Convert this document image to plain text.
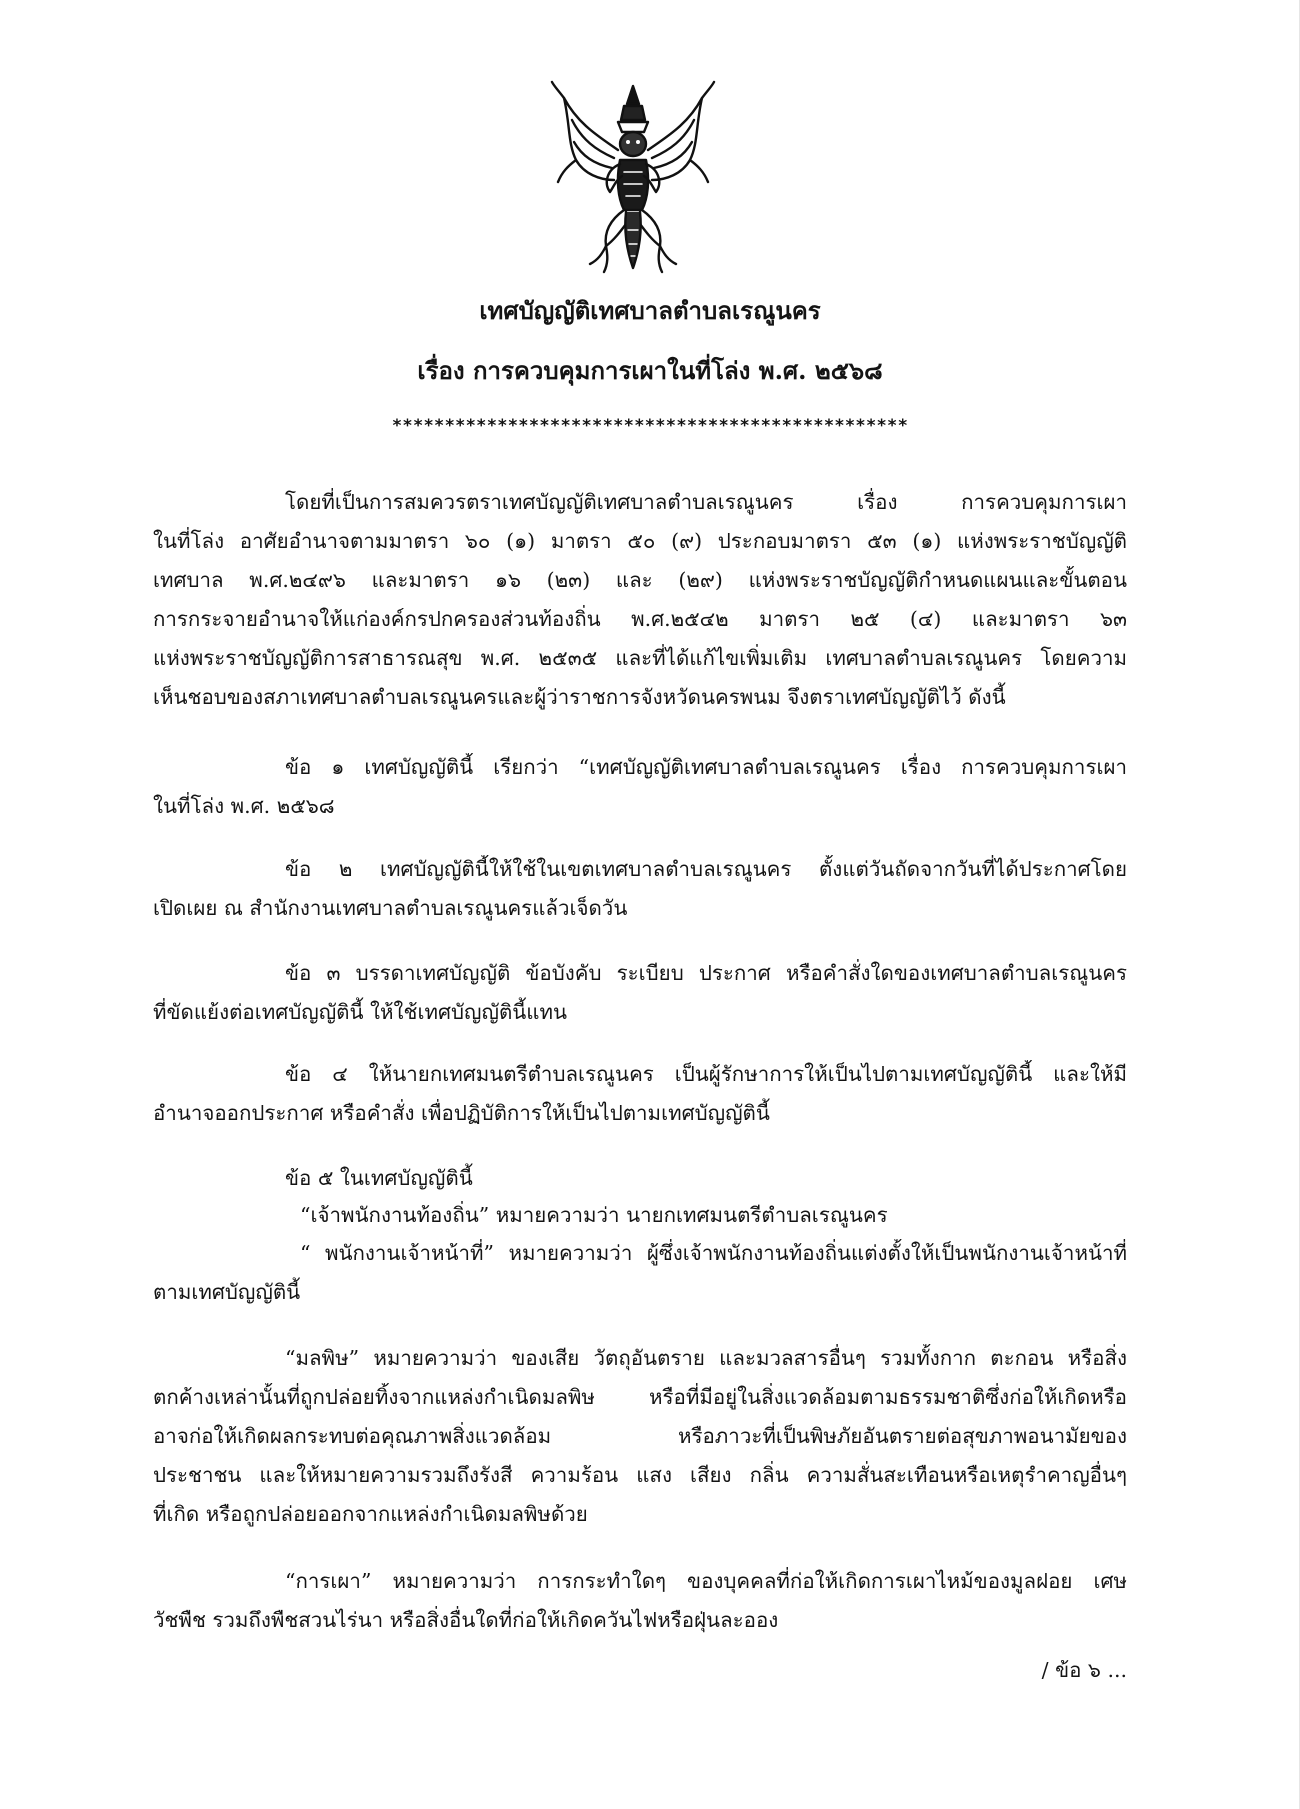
เทศบัญญัติเทศบาลตำบลเรณูนคร
เรื่อง การควบคุมการเผาในที่โล่ง พ.ศ. ๒๕๖๘
*************************************************
โดยที่เป็นการสมควรตราเทศบัญญัติเทศบาลตำบลเรณูนคร เรื่อง การควบคุมการเผา
ในที่โล่ง อาศัยอำนาจตามมาตรา ๖๐ (๑) มาตรา ๕๐ (๙) ประกอบมาตรา ๕๓ (๑) แห่งพระราชบัญญัติ
เทศบาล พ.ศ.๒๔๙๖ และมาตรา ๑๖ (๒๓) และ (๒๙) แห่งพระราชบัญญัติกำหนดแผนและขั้นตอน
การกระจายอำนาจให้แก่องค์กรปกครองส่วนท้องถิ่น พ.ศ.๒๕๔๒ มาตรา ๒๕ (๔) และมาตรา ๖๓
แห่งพระราชบัญญัติการสาธารณสุข พ.ศ. ๒๕๓๕ และที่ได้แก้ไขเพิ่มเติม เทศบาลตำบลเรณูนคร โดยความ
เห็นชอบของสภาเทศบาลตำบลเรณูนครและผู้ว่าราชการจังหวัดนครพนม จึงตราเทศบัญญัติไว้ ดังนี้
ข้อ ๑ เทศบัญญัตินี้ เรียกว่า “เทศบัญญัติเทศบาลตำบลเรณูนคร เรื่อง การควบคุมการเผา
ในที่โล่ง พ.ศ. ๒๕๖๘
ข้อ ๒ เทศบัญญัตินี้ให้ใช้ในเขตเทศบาลตำบลเรณูนคร ตั้งแต่วันถัดจากวันที่ได้ประกาศโดย
เปิดเผย ณ สำนักงานเทศบาลตำบลเรณูนครแล้วเจ็ดวัน
ข้อ ๓ บรรดาเทศบัญญัติ ข้อบังคับ ระเบียบ ประกาศ หรือคำสั่งใดของเทศบาลตำบลเรณูนคร
ที่ขัดแย้งต่อเทศบัญญัตินี้ ให้ใช้เทศบัญญัตินี้แทน
ข้อ ๔ ให้นายกเทศมนตรีตำบลเรณูนคร เป็นผู้รักษาการให้เป็นไปตามเทศบัญญัตินี้ และให้มี
อำนาจออกประกาศ หรือคำสั่ง เพื่อปฏิบัติการให้เป็นไปตามเทศบัญญัตินี้
ข้อ ๕ ในเทศบัญญัตินี้
“เจ้าพนักงานท้องถิ่น” หมายความว่า นายกเทศมนตรีตำบลเรณูนคร
“ พนักงานเจ้าหน้าที่” หมายความว่า ผู้ซึ่งเจ้าพนักงานท้องถิ่นแต่งตั้งให้เป็นพนักงานเจ้าหน้าที่
ตามเทศบัญญัตินี้
“มลพิษ” หมายความว่า ของเสีย วัตถุอันตราย และมวลสารอื่นๆ รวมทั้งกาก ตะกอน หรือสิ่ง
ตกค้างเหล่านั้นที่ถูกปล่อยทิ้งจากแหล่งกำเนิดมลพิษ หรือที่มีอยู่ในสิ่งแวดล้อมตามธรรมชาติซึ่งก่อให้เกิดหรือ
อาจก่อให้เกิดผลกระทบต่อคุณภาพสิ่งแวดล้อม หรือภาวะที่เป็นพิษภัยอันตรายต่อสุขภาพอนามัยของ
ประชาชน และให้หมายความรวมถึงรังสี ความร้อน แสง เสียง กลิ่น ความสั่นสะเทือนหรือเหตุรำคาญอื่นๆ
ที่เกิด หรือถูกปล่อยออกจากแหล่งกำเนิดมลพิษด้วย
“การเผา” หมายความว่า การกระทำใดๆ ของบุคคลที่ก่อให้เกิดการเผาไหม้ของมูลฝอย เศษ
วัชพืช รวมถึงพืชสวนไร่นา หรือสิ่งอื่นใดที่ก่อให้เกิดควันไฟหรือฝุ่นละออง
/ ข้อ ๖ ...
